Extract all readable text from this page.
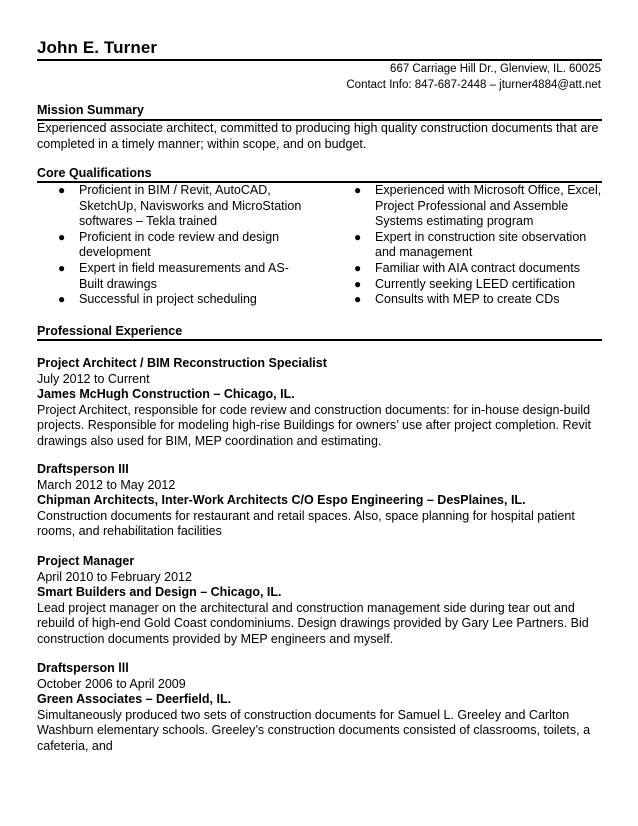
John E. Turner
667 Carriage Hill Dr., Glenview, IL. 60025
Contact Info: 847-687-2448 – jturner4884@att.net
Mission Summary
Experienced associate architect, committed to producing high quality construction documents that are completed in a timely manner; within scope, and on budget.
Core Qualifications
● Proficient in BIM / Revit, AutoCAD, SketchUp, Navisworks and MicroStation softwares – Tekla trained
● Proficient in code review and design development
● Expert in field measurements and AS-Built drawings
● Successful in project scheduling
● Experienced with Microsoft Office, Excel, Project Professional and Assemble Systems estimating program
● Expert in construction site observation and management
● Familiar with AIA contract documents
● Currently seeking LEED certification
● Consults with MEP to create CDs
Professional Experience
Project Architect / BIM Reconstruction Specialist
July 2012 to Current
James McHugh Construction – Chicago, IL.
Project Architect, responsible for code review and construction documents: for in-house design-build projects. Responsible for modeling high-rise Buildings for owners’ use after project completion. Revit drawings also used for BIM, MEP coordination and estimating.
Draftsperson III
March 2012 to May 2012
Chipman Architects, Inter-Work Architects C/O Espo Engineering – DesPlaines, IL.
Construction documents for restaurant and retail spaces. Also, space planning for hospital patient rooms, and rehabilitation facilities
Project Manager
April 2010 to February 2012
Smart Builders and Design – Chicago, IL.
Lead project manager on the architectural and construction management side during tear out and rebuild of high-end Gold Coast condominiums. Design drawings provided by Gary Lee Partners. Bid construction documents provided by MEP engineers and myself.
Draftsperson lll
October 2006 to April 2009
Green Associates – Deerfield, IL.
Simultaneously produced two sets of construction documents for Samuel L. Greeley and Carlton Washburn elementary schools. Greeley’s construction documents consisted of classrooms, toilets, a cafeteria, and
